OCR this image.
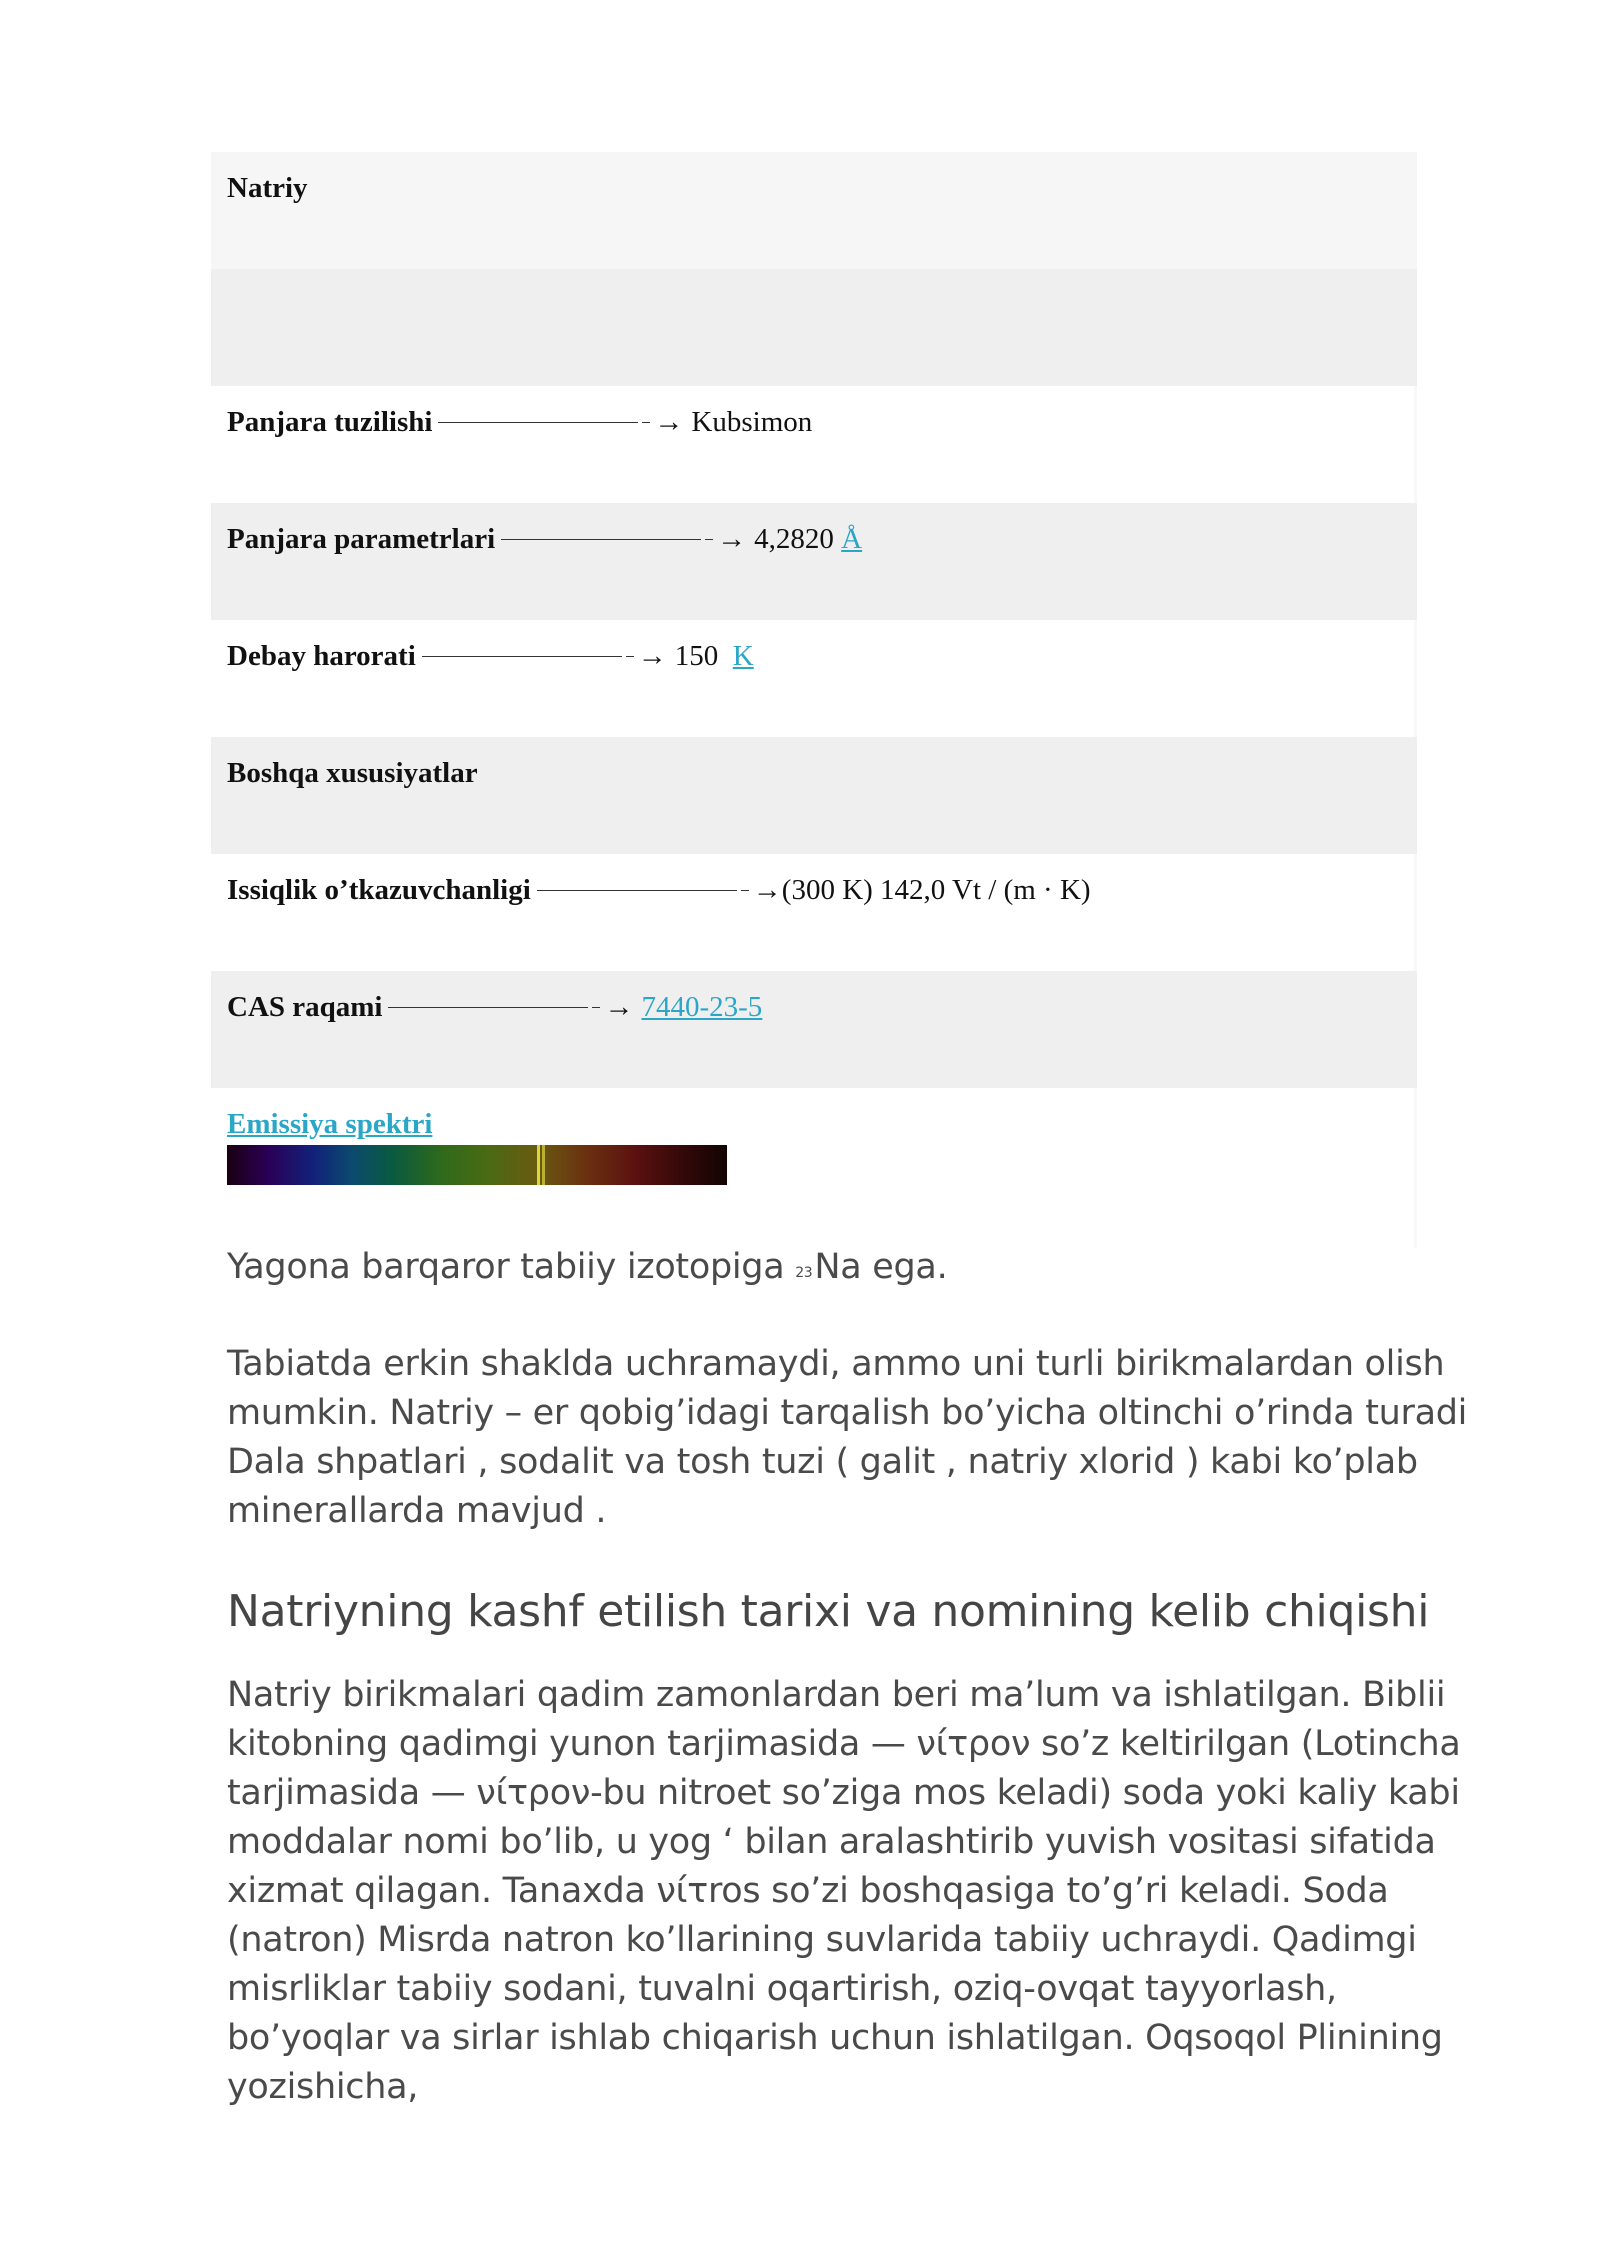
Natriy
Panjara tuzilishi	→ Kubsimon
Panjara parametrlari	→ 4,2820 Å
Debay harorati	→ 150 K
Boshqa xususiyatlar
Issiqlik o’tkazuvchanligi	→(300 K) 142,0 Vt / (m · K)
CAS raqami	→ 7440-23-5
Emissiya spektri

Yagona barqaror tabiiy izotopiga $^{23}$Na ega.

Tabiatda erkin shaklda uchramaydi, ammo uni turli birikmalardan olish mumkin. Natriy – er qobig’idagi tarqalish bo’yicha oltinchi o’rinda turadi Dala shpatlari , sodalit va tosh tuzi ( galit , natriy xlorid ) kabi ko’plab minerallarda mavjud .

Natriyning kashf etilish tarixi va nomining kelib chiqishi

Natriy birikmalari qadim zamonlardan beri ma’lum va ishlatilgan. Biblii kitobning qadimgi yunon tarjimasida — νίτρον so’z keltirilgan (Lotincha tarjimasida — νίτρον-bu nitroet so’ziga mos keladi) soda yoki kaliy kabi moddalar nomi bo’lib, u yog ‘ bilan aralashtirib yuvish vositasi sifatida xizmat qilagan. Tanaxda νίτros so’zi boshqasiga to’g’ri keladi. Soda (natron) Misrda natron ko’llarining suvlarida tabiiy uchraydi. Qadimgi misrliklar tabiiy sodani, tuvalni oqartirish, oziq-ovqat tayyorlash, bo’yoqlar va sirlar ishlab chiqarish uchun ishlatilgan. Oqsoqol Plinining yozishicha,
